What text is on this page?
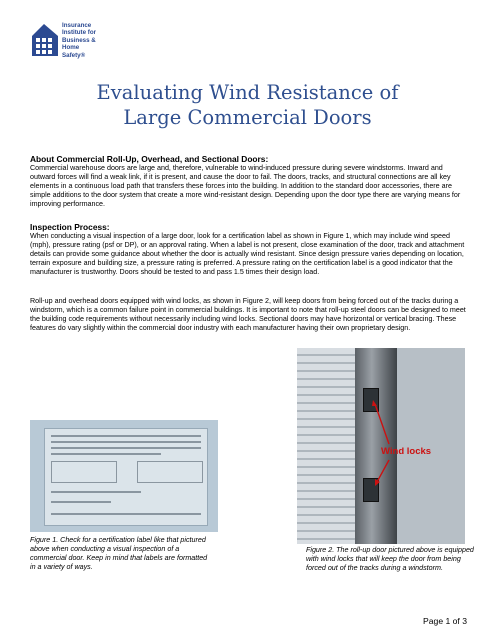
Insurance
Institute for
Business &
Home
Safety®
Evaluating Wind Resistance of
Large Commercial Doors
About Commercial Roll-Up, Overhead, and Sectional Doors:

Commercial warehouse doors are large and, therefore, vulnerable to wind-induced pressure during severe windstorms. Inward and outward forces will find a weak link, if it is present, and cause the door to fail. The doors, tracks, and structural connections are all key elements in a continuous load path that transfers these forces into the building. In addition to the standard door accessories, there are simple additions to the door system that create a more wind-resistant design. Depending upon the door type there are varying means for improving performance.

Inspection Process:

When conducting a visual inspection of a large door, look for a certification label as shown in Figure 1, which may include wind speed (mph), pressure rating (psf or DP), or an approval rating. When a label is not present, close examination of the door, track and attachment details can provide some guidance about whether the door is actually wind resistant. Since design pressure varies depending on location, terrain exposure and building size, a pressure rating is preferred. A pressure rating on the certification label is a good indicator that the manufacturer is trustworthy. Doors should be tested to and pass 1.5 times their design load.

Roll-up and overhead doors equipped with wind locks, as shown in Figure 2, will keep doors from being forced out of the tracks during a windstorm, which is a common failure point in commercial buildings. It is important to note that roll-up steel doors can be designed to meet the building code requirements without necessarily including wind locks. Sectional doors may have horizontal or vertical bracing. These features do vary slightly within the commercial door industry with each manufacturer having their own proprietary design.

Figure 1. Check for a certification label like that pictured above when conducting a visual inspection of a commercial door. Keep in mind that labels are formatted in a variety of ways.

Wind locks

Figure 2. The roll-up door pictured above is equipped with wind locks that will keep the door from being forced out of the tracks during a windstorm.

Page 1 of 3
